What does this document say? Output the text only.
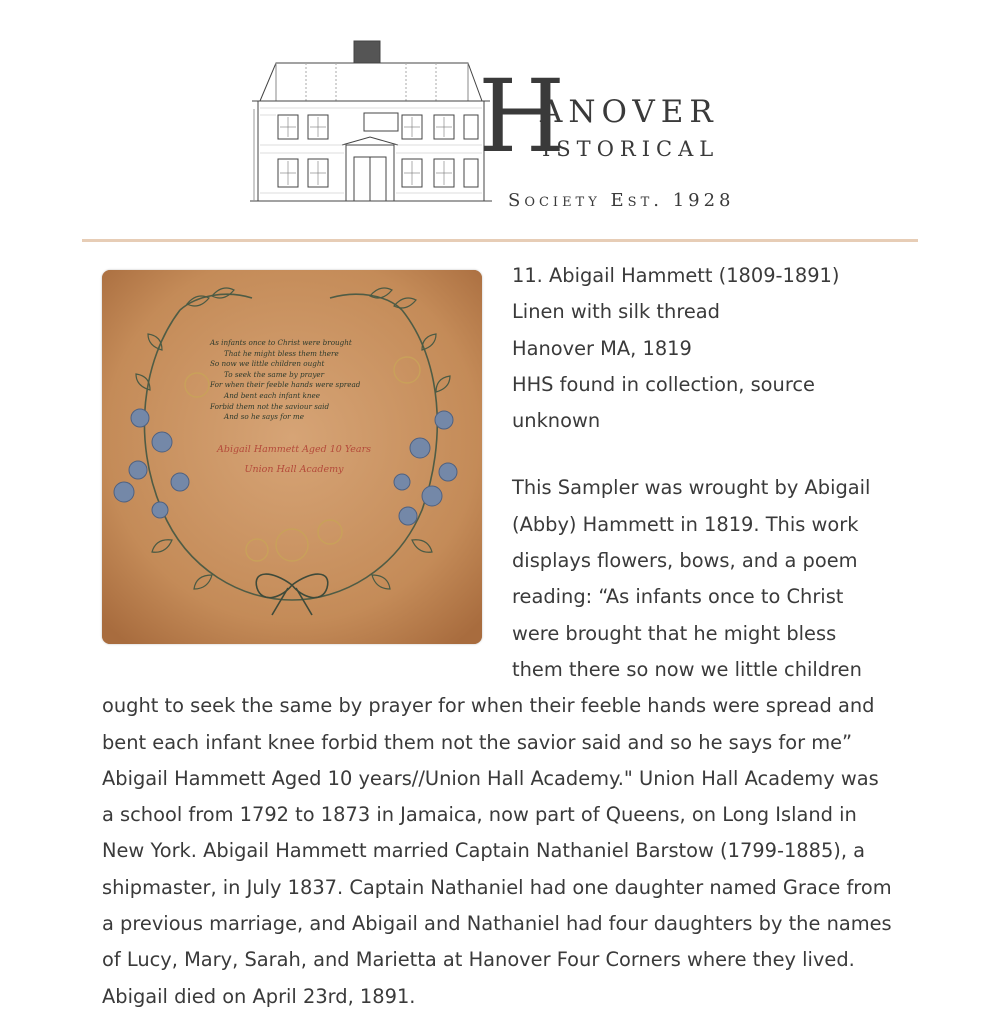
H
ANOVER
ISTORICAL
Society Est. 1928
As infants once to Christ were brought
That he might bless them there
So now we little children ought
To seek the same by prayer
For when their feeble hands were spread
And bent each infant knee
Forbid them not the saviour said
And so he says for me
Abigail Hammett Aged 10 Years
Union Hall Academy

11. Abigail Hammett (1809-1891)
Linen with silk thread
Hanover MA, 1819
HHS found in collection, source unknown

This Sampler was wrought by Abigail (Abby) Hammett in 1819. This work displays flowers, bows, and a poem reading: “As infants once to Christ were brought that he might bless them there so now we little children ought to seek the same by prayer for when their feeble hands were spread and bent each infant knee forbid them not the savior said and so he says for me” Abigail Hammett Aged 10 years//Union Hall Academy." Union Hall Academy was a school from 1792 to 1873 in Jamaica, now part of Queens, on Long Island in New York. Abigail Hammett married Captain Nathaniel Barstow (1799-1885), a shipmaster, in July 1837. Captain Nathaniel had one daughter named Grace from a previous marriage, and Abigail and Nathaniel had four daughters by the names of Lucy, Mary, Sarah, and Marietta at Hanover Four Corners where they lived. Abigail died on April 23rd, 1891.
